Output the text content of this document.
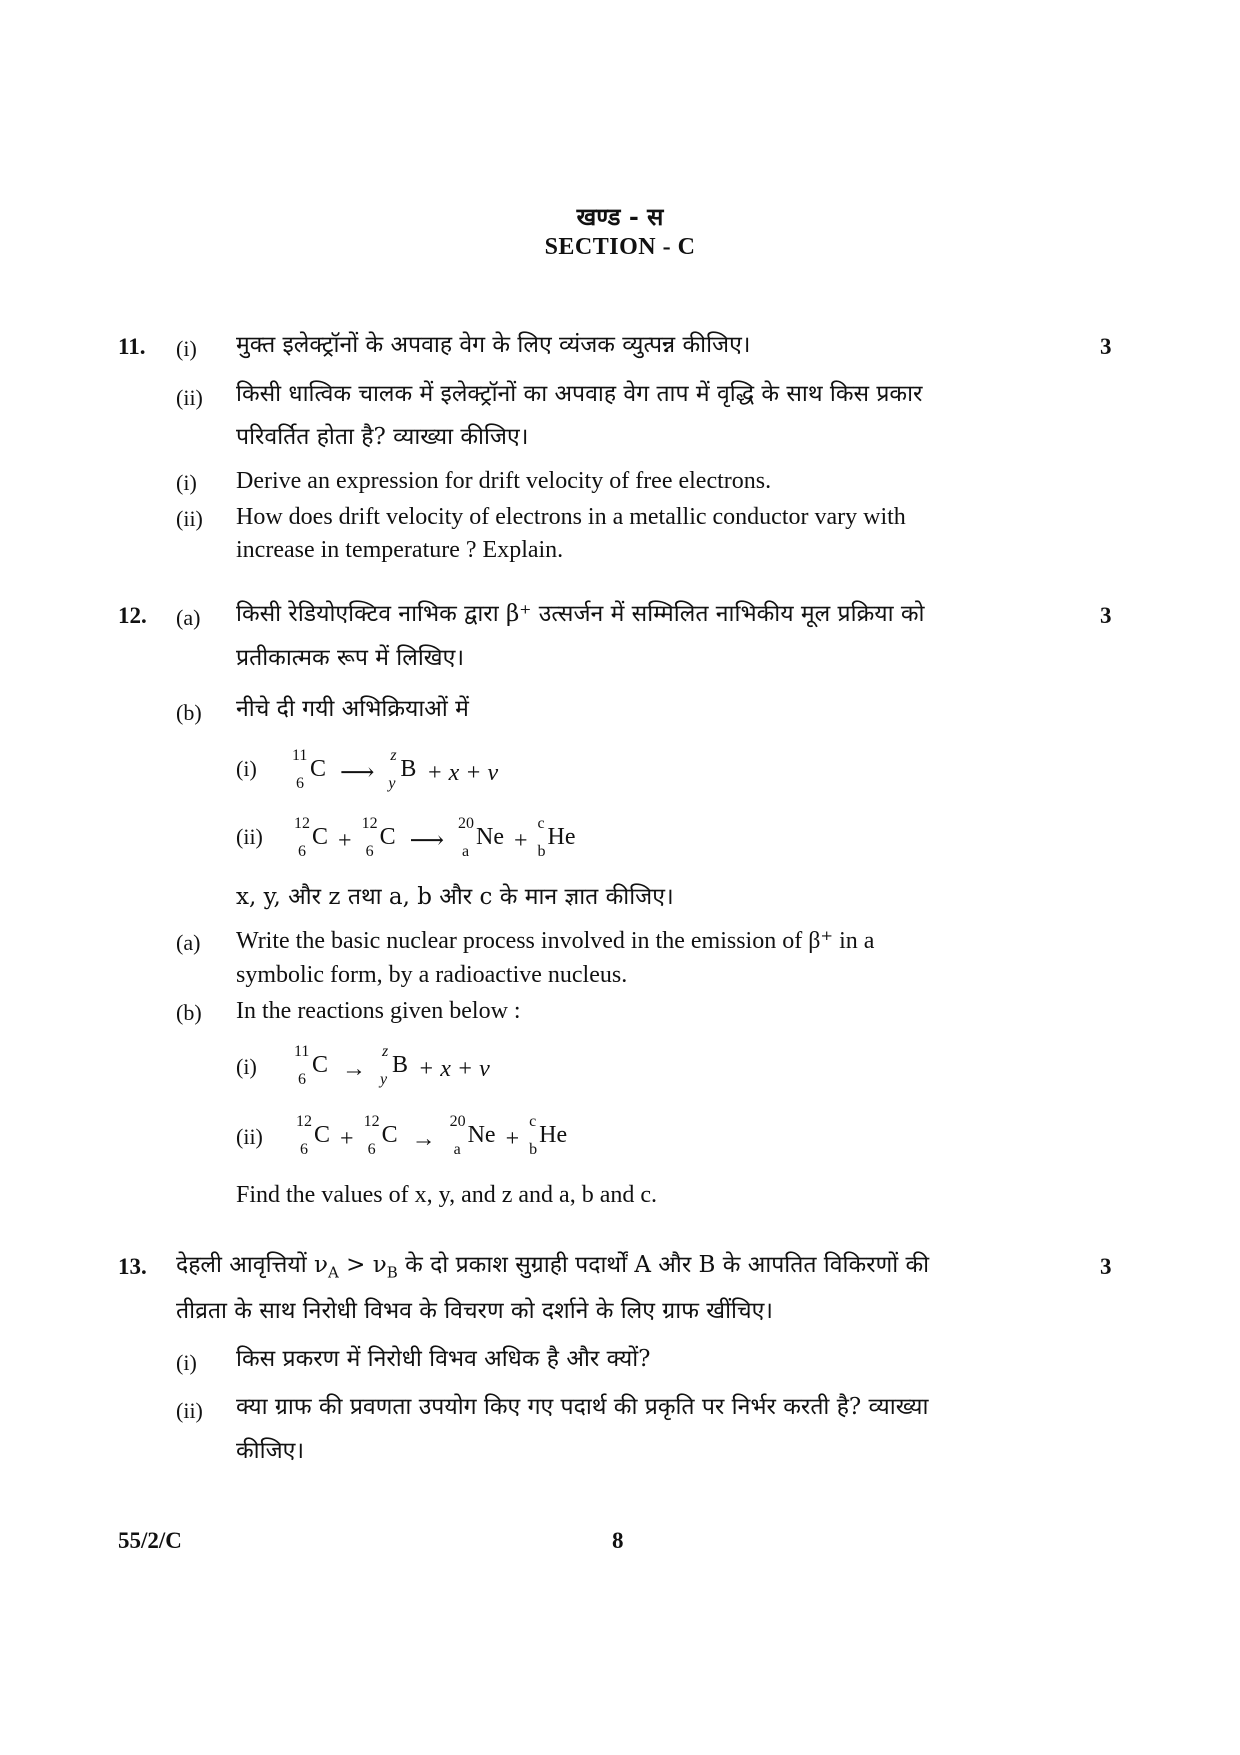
खण्ड - स
SECTION - C
11.	3
(i) मुक्त इलेक्ट्रॉनों के अपवाह वेग के लिए व्यंजक व्युत्पन्न कीजिए।
(ii) किसी धात्विक चालक में इलेक्ट्रॉनों का अपवाह वेग ताप में वृद्धि के साथ किस प्रकार
परिवर्तित होता है? व्याख्या कीजिए।
(i) Derive an expression for drift velocity of free electrons.
(ii) How does drift velocity of electrons in a metallic conductor vary with
increase in temperature ? Explain.
12.	3
(a) किसी रेडियोएक्टिव नाभिक द्वारा β⁺ उत्सर्जन में सम्मिलित नाभिकीय मूल प्रक्रिया को
प्रतीकात्मक रूप में लिखिए।
(b) नीचे दी गयी अभिक्रियाओं में
(i)
11
6
C ⟶
z
y
B + x + ν
(ii)
12
6
C +
12
6
C ⟶
20
a
Ne +
c
b
He
x, y, और z तथा a, b और c के मान ज्ञात कीजिए।
(a) Write the basic nuclear process involved in the emission of β⁺ in a
symbolic form, by a radioactive nucleus.
(b) In the reactions given below :
(i)
11
6
C →
z
y
B + x + ν
(ii)
12
6
C +
12
6
C →
20
a
Ne +
c
b
He
Find the values of x, y, and z and a, b and c.
13.	3
देहली आवृत्तियों $\nu_A > \nu_B$ के दो प्रकाश सुग्राही पदार्थों A और B के आपतित विकिरणों की
तीव्रता के साथ निरोधी विभव के विचरण को दर्शाने के लिए ग्राफ खींचिए।
(i) किस प्रकरण में निरोधी विभव अधिक है और क्यों?
(ii) क्या ग्राफ की प्रवणता उपयोग किए गए पदार्थ की प्रकृति पर निर्भर करती है? व्याख्या
कीजिए।
55/2/C	8
